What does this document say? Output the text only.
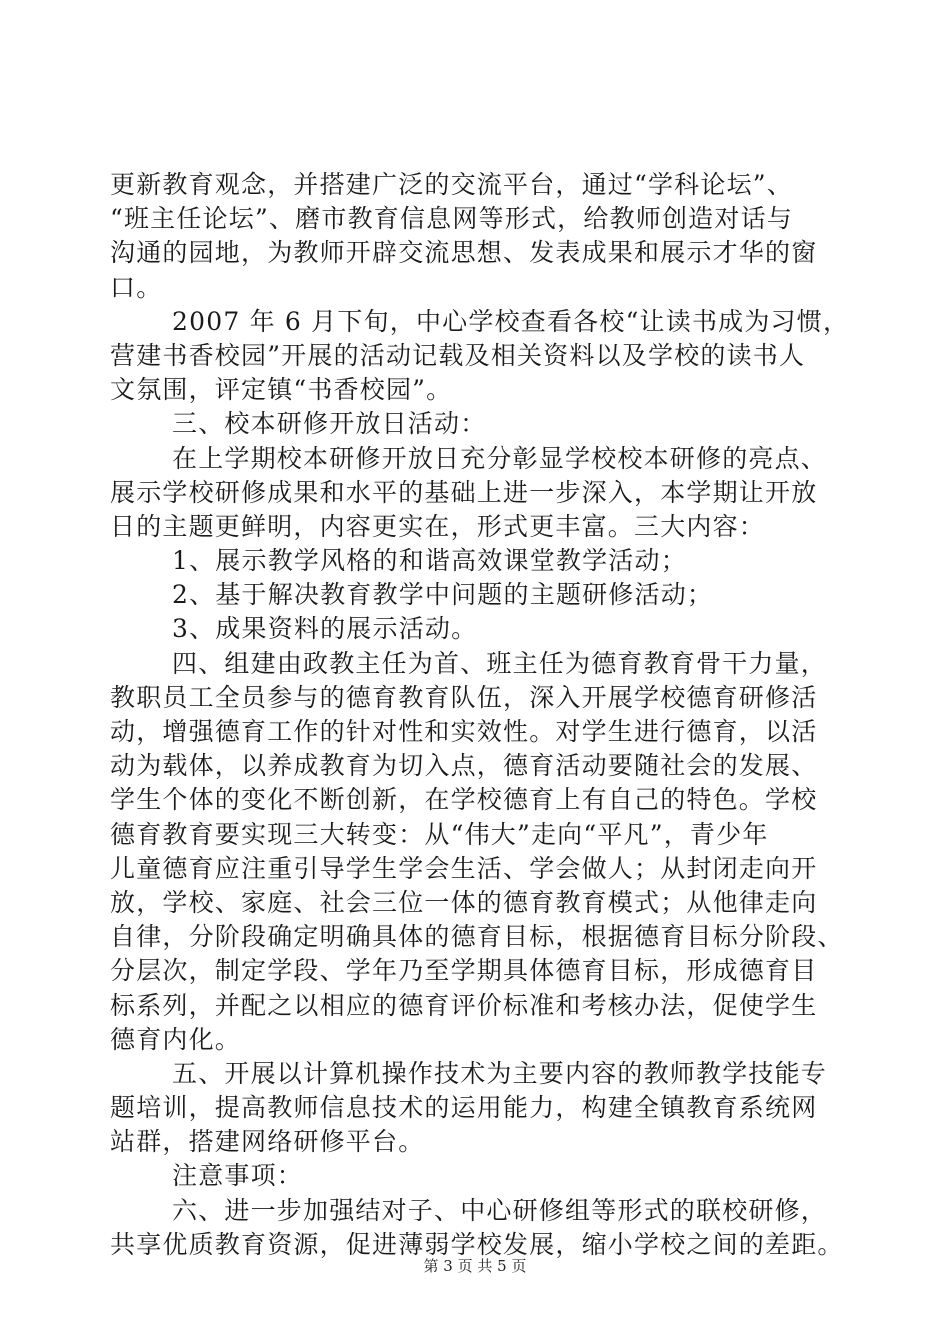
更新教育观念，并搭建广泛的交流平台，通过“学科论坛”、
“班主任论坛”、磨市教育信息网等形式，给教师创造对话与
沟通的园地，为教师开辟交流思想、发表成果和展示才华的窗
口。
2007 年 6 月下旬，中心学校查看各校“让读书成为习惯，
营建书香校园”开展的活动记载及相关资料以及学校的读书人
文氛围，评定镇“书香校园”。
三、校本研修开放日活动：
在上学期校本研修开放日充分彰显学校校本研修的亮点、
展示学校研修成果和水平的基础上进一步深入，本学期让开放
日的主题更鲜明，内容更实在，形式更丰富。三大内容：
1、展示教学风格的和谐高效课堂教学活动；
2、基于解决教育教学中问题的主题研修活动；
3、成果资料的展示活动。
四、组建由政教主任为首、班主任为德育教育骨干力量，
教职员工全员参与的德育教育队伍，深入开展学校德育研修活
动，增强德育工作的针对性和实效性。对学生进行德育，以活
动为载体，以养成教育为切入点，德育活动要随社会的发展、
学生个体的变化不断创新，在学校德育上有自己的特色。学校
德育教育要实现三大转变：从“伟大”走向“平凡”，青少年
儿童德育应注重引导学生学会生活、学会做人；从封闭走向开
放，学校、家庭、社会三位一体的德育教育模式；从他律走向
自律，分阶段确定明确具体的德育目标，根据德育目标分阶段、
分层次，制定学段、学年乃至学期具体德育目标，形成德育目
标系列，并配之以相应的德育评价标准和考核办法，促使学生
德育内化。
五、开展以计算机操作技术为主要内容的教师教学技能专
题培训，提高教师信息技术的运用能力，构建全镇教育系统网
站群，搭建网络研修平台。
注意事项：
六、进一步加强结对子、中心研修组等形式的联校研修，
共享优质教育资源，促进薄弱学校发展，缩小学校之间的差距。
第 3 页 共 5 页
